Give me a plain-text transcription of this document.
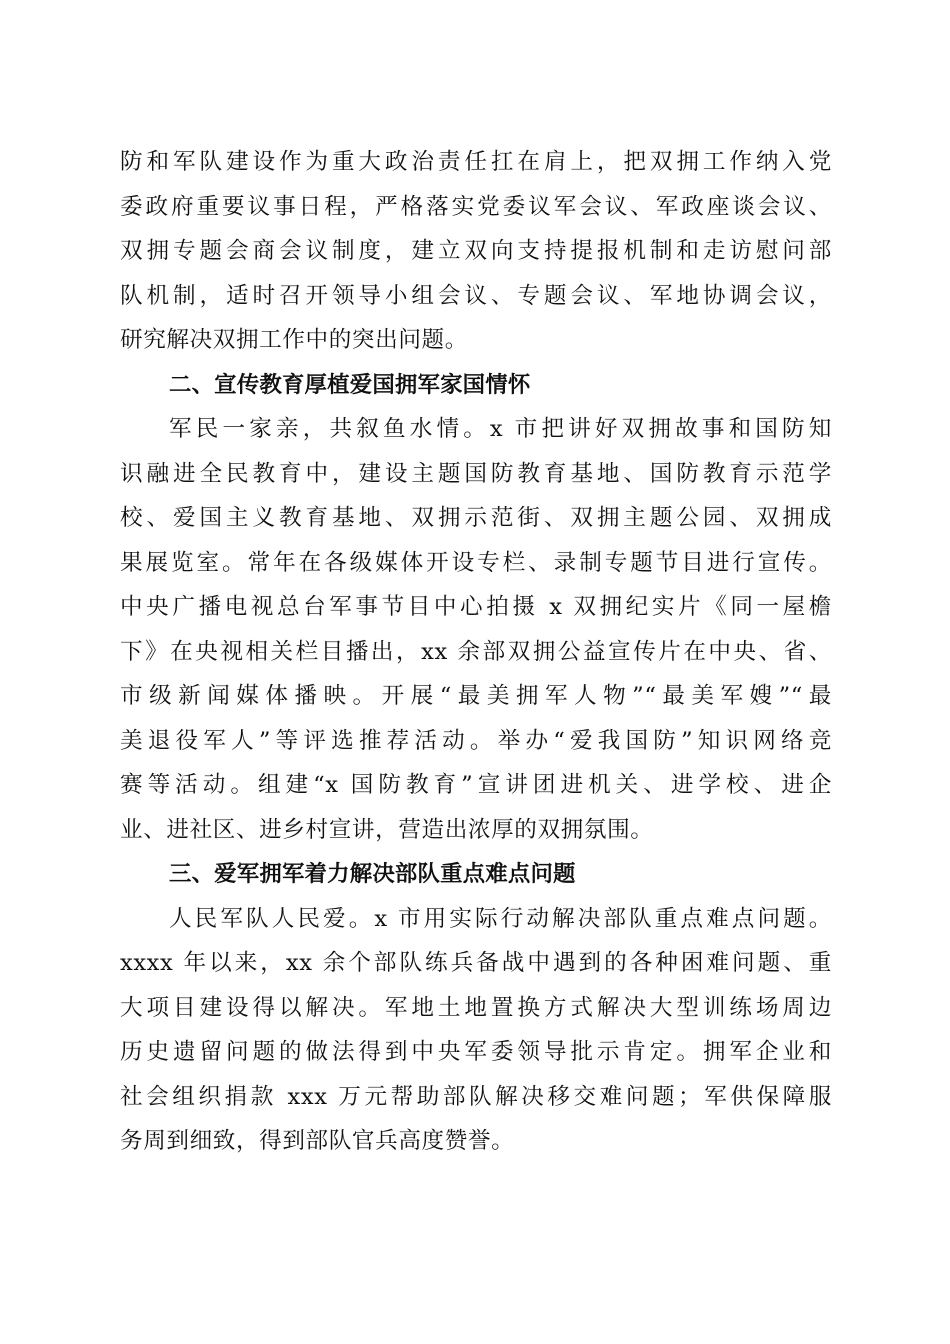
防和军队建设作为重大政治责任扛在肩上，把双拥工作纳入党
委政府重要议事日程，严格落实党委议军会议、军政座谈会议、
双拥专题会商会议制度，建立双向支持提报机制和走访慰问部
队机制，适时召开领导小组会议、专题会议、军地协调会议，
研究解决双拥工作中的突出问题。
二、宣传教育厚植爱国拥军家国情怀
军民一家亲，共叙鱼水情。x 市把讲好双拥故事和国防知
识融进全民教育中，建设主题国防教育基地、国防教育示范学
校、爱国主义教育基地、双拥示范街、双拥主题公园、双拥成
果展览室。常年在各级媒体开设专栏、录制专题节目进行宣传。
中央广播电视总台军事节目中心拍摄 x 双拥纪实片《同一屋檐
下》在央视相关栏目播出，xx 余部双拥公益宣传片在中央、省、
市级新闻媒体播映。开展“最美拥军人物”“最美军嫂”“最
美退役军人”等评选推荐活动。举办“爱我国防”知识网络竞
赛等活动。组建“x 国防教育”宣讲团进机关、进学校、进企
业、进社区、进乡村宣讲，营造出浓厚的双拥氛围。
三、爱军拥军着力解决部队重点难点问题
人民军队人民爱。x 市用实际行动解决部队重点难点问题。
xxxx 年以来，xx 余个部队练兵备战中遇到的各种困难问题、重
大项目建设得以解决。军地土地置换方式解决大型训练场周边
历史遗留问题的做法得到中央军委领导批示肯定。拥军企业和
社会组织捐款 xxx 万元帮助部队解决移交难问题；军供保障服
务周到细致，得到部队官兵高度赞誉。
